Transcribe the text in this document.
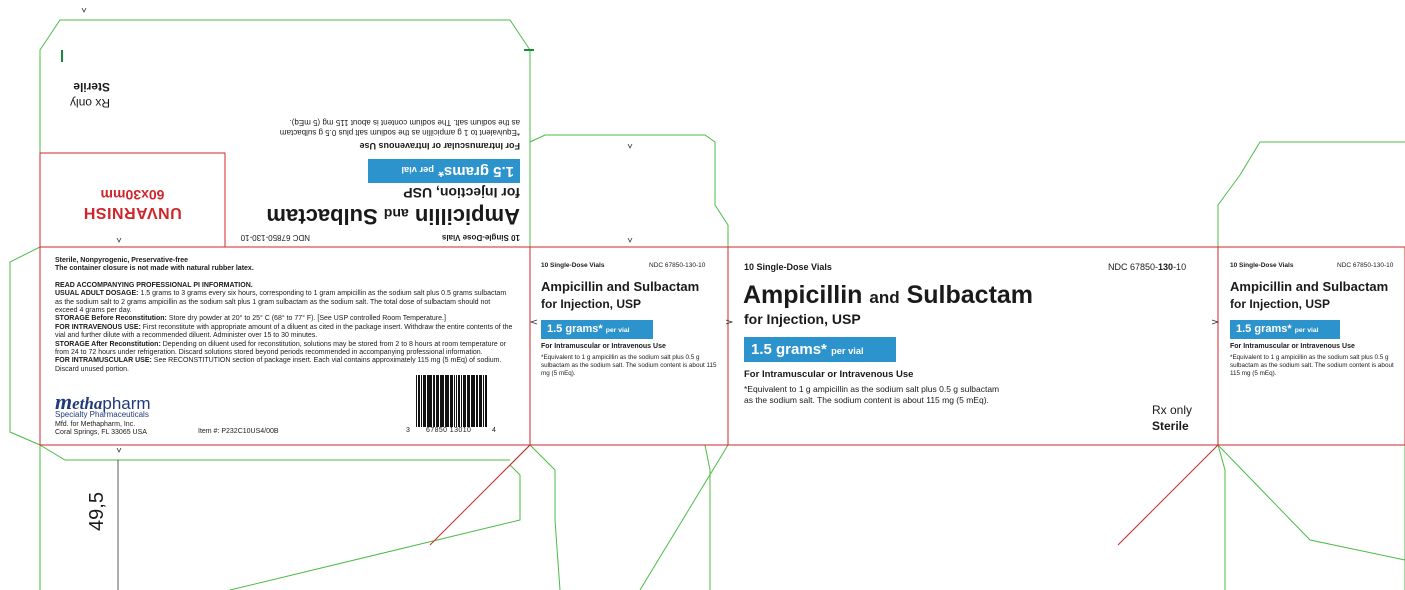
10 Single-Dose Vials
NDC 67850-130-10
Ampicillin and Sulbactam
for Injection, USP
1.5 grams* per vial
For Intramuscular or Intravenous Use
*Equivalent to 1 g ampicillin as the sodium salt plus 0.5 g sulbactam
as the sodium salt. The sodium content is about 115 mg (5 mEq).
Rx only
Sterile
UNVARNISH
60x30mm
Sterile, Nonpyrogenic, Preservative-free
The container closure is not made with natural rubber latex.
READ ACCOMPANYING PROFESSIONAL PI INFORMATION.
USUAL ADULT DOSAGE: 1.5 grams to 3 grams every six hours, corresponding to 1 gram ampicillin as the sodium salt plus 0.5 grams sulbactam as the sodium salt to 2 grams ampicillin as the sodium salt plus 1 gram sulbactam as the sodium salt. The total dose of sulbactam should not exceed 4 grams per day.
STORAGE Before Reconstitution: Store dry powder at 20° to 25° C (68° to 77° F). [See USP controlled Room Temperature.]
FOR INTRAVENOUS USE: First reconstitute with appropriate amount of a diluent as cited in the package insert. Withdraw the entire contents of the vial and further dilute with a recommended diluent. Administer over 15 to 30 minutes.
STORAGE After Reconstitution: Depending on diluent used for reconstitution, solutions may be stored from 2 to 8 hours at room temperature or from 24 to 72 hours under refrigeration. Discard solutions stored beyond periods recommended in accompanying professional information.
FOR INTRAMUSCULAR USE: See RECONSTITUTION section of package insert. Each vial contains approximately 115 mg (5 mEq) of sodium.
Discard unused portion.
methapharm
Specialty Pharmaceuticals
Mfd. for Methapharm, Inc.
Coral Springs, FL 33065 USA	Item #: P232C10US4/00B	3 67850 13010	4
10 Single-Dose Vials	NDC 67850-130-10
Ampicillin and Sulbactam
for Injection, USP
1.5 grams* per vial
For Intramuscular or Intravenous Use
*Equivalent to 1 g ampicillin as the sodium salt plus 0.5 g sulbactam as the sodium salt. The sodium content is about 115 mg (5 mEq).
10 Single-Dose Vials	NDC 67850-130-10
Ampicillin and Sulbactam
for Injection, USP
1.5 grams* per vial
For Intramuscular or Intravenous Use
*Equivalent to 1 g ampicillin as the sodium salt plus 0.5 g sulbactam
as the sodium salt. The sodium content is about 115 mg (5 mEq).
Rx only
Sterile
10 Single-Dose Vials	NDC 67850-130-10
Ampicillin and Sulbactam
for Injection, USP
1.5 grams* per vial
For Intramuscular or Intravenous Use
*Equivalent to 1 g ampicillin as the sodium salt plus 0.5 g sulbactam as the sodium salt. The sodium content is about 115 mg (5 mEq).
49,5
